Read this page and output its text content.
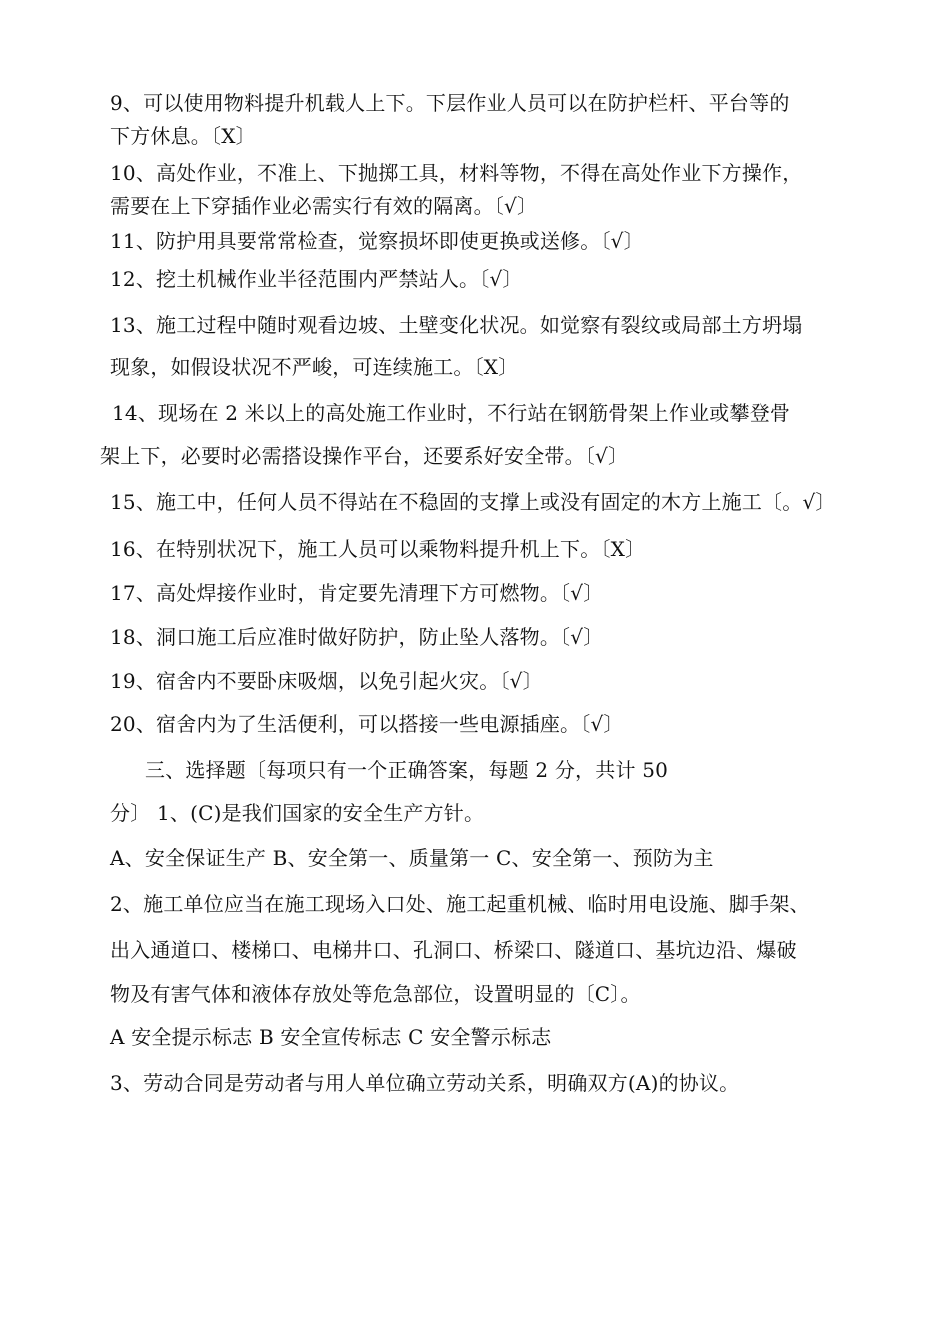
9、可以使用物料提升机载人上下。下层作业人员可以在防护栏杆、平台等的
下方休息。〔X〕
10、高处作业，不准上、下抛掷工具，材料等物，不得在高处作业下方操作，
需要在上下穿插作业必需实行有效的隔离。〔√〕
11、防护用具要常常检查，觉察损坏即使更换或送修。〔√〕
12、挖土机械作业半径范围内严禁站人。〔√〕
13、施工过程中随时观看边坡、土壁变化状况。如觉察有裂纹或局部土方坍塌
现象，如假设状况不严峻，可连续施工。〔X〕
14、现场在 2 米以上的高处施工作业时，不行站在钢筋骨架上作业或攀登骨
架上下，必要时必需搭设操作平台，还要系好安全带。〔√〕
15、施工中，任何人员不得站在不稳固的支撑上或没有固定的木方上施工〔。√〕
16、在特别状况下，施工人员可以乘物料提升机上下。〔X〕
17、高处焊接作业时，肯定要先清理下方可燃物。〔√〕
18、洞口施工后应准时做好防护，防止坠人落物。〔√〕
19、宿舍内不要卧床吸烟，以免引起火灾。〔√〕
20、宿舍内为了生活便利，可以搭接一些电源插座。〔√〕
三、选择题〔每项只有一个正确答案，每题 2 分，共计 50
分〕 1、(C)是我们国家的安全生产方针。
A、安全保证生产 B、安全第一、质量第一 C、安全第一、预防为主
2、施工单位应当在施工现场入口处、施工起重机械、临时用电设施、脚手架、
出入通道口、楼梯口、电梯井口、孔洞口、桥梁口、隧道口、基坑边沿、爆破
物及有害气体和液体存放处等危急部位，设置明显的〔C〕。
A 安全提示标志 B 安全宣传标志 C 安全警示标志
3、劳动合同是劳动者与用人单位确立劳动关系，明确双方(A)的协议。
